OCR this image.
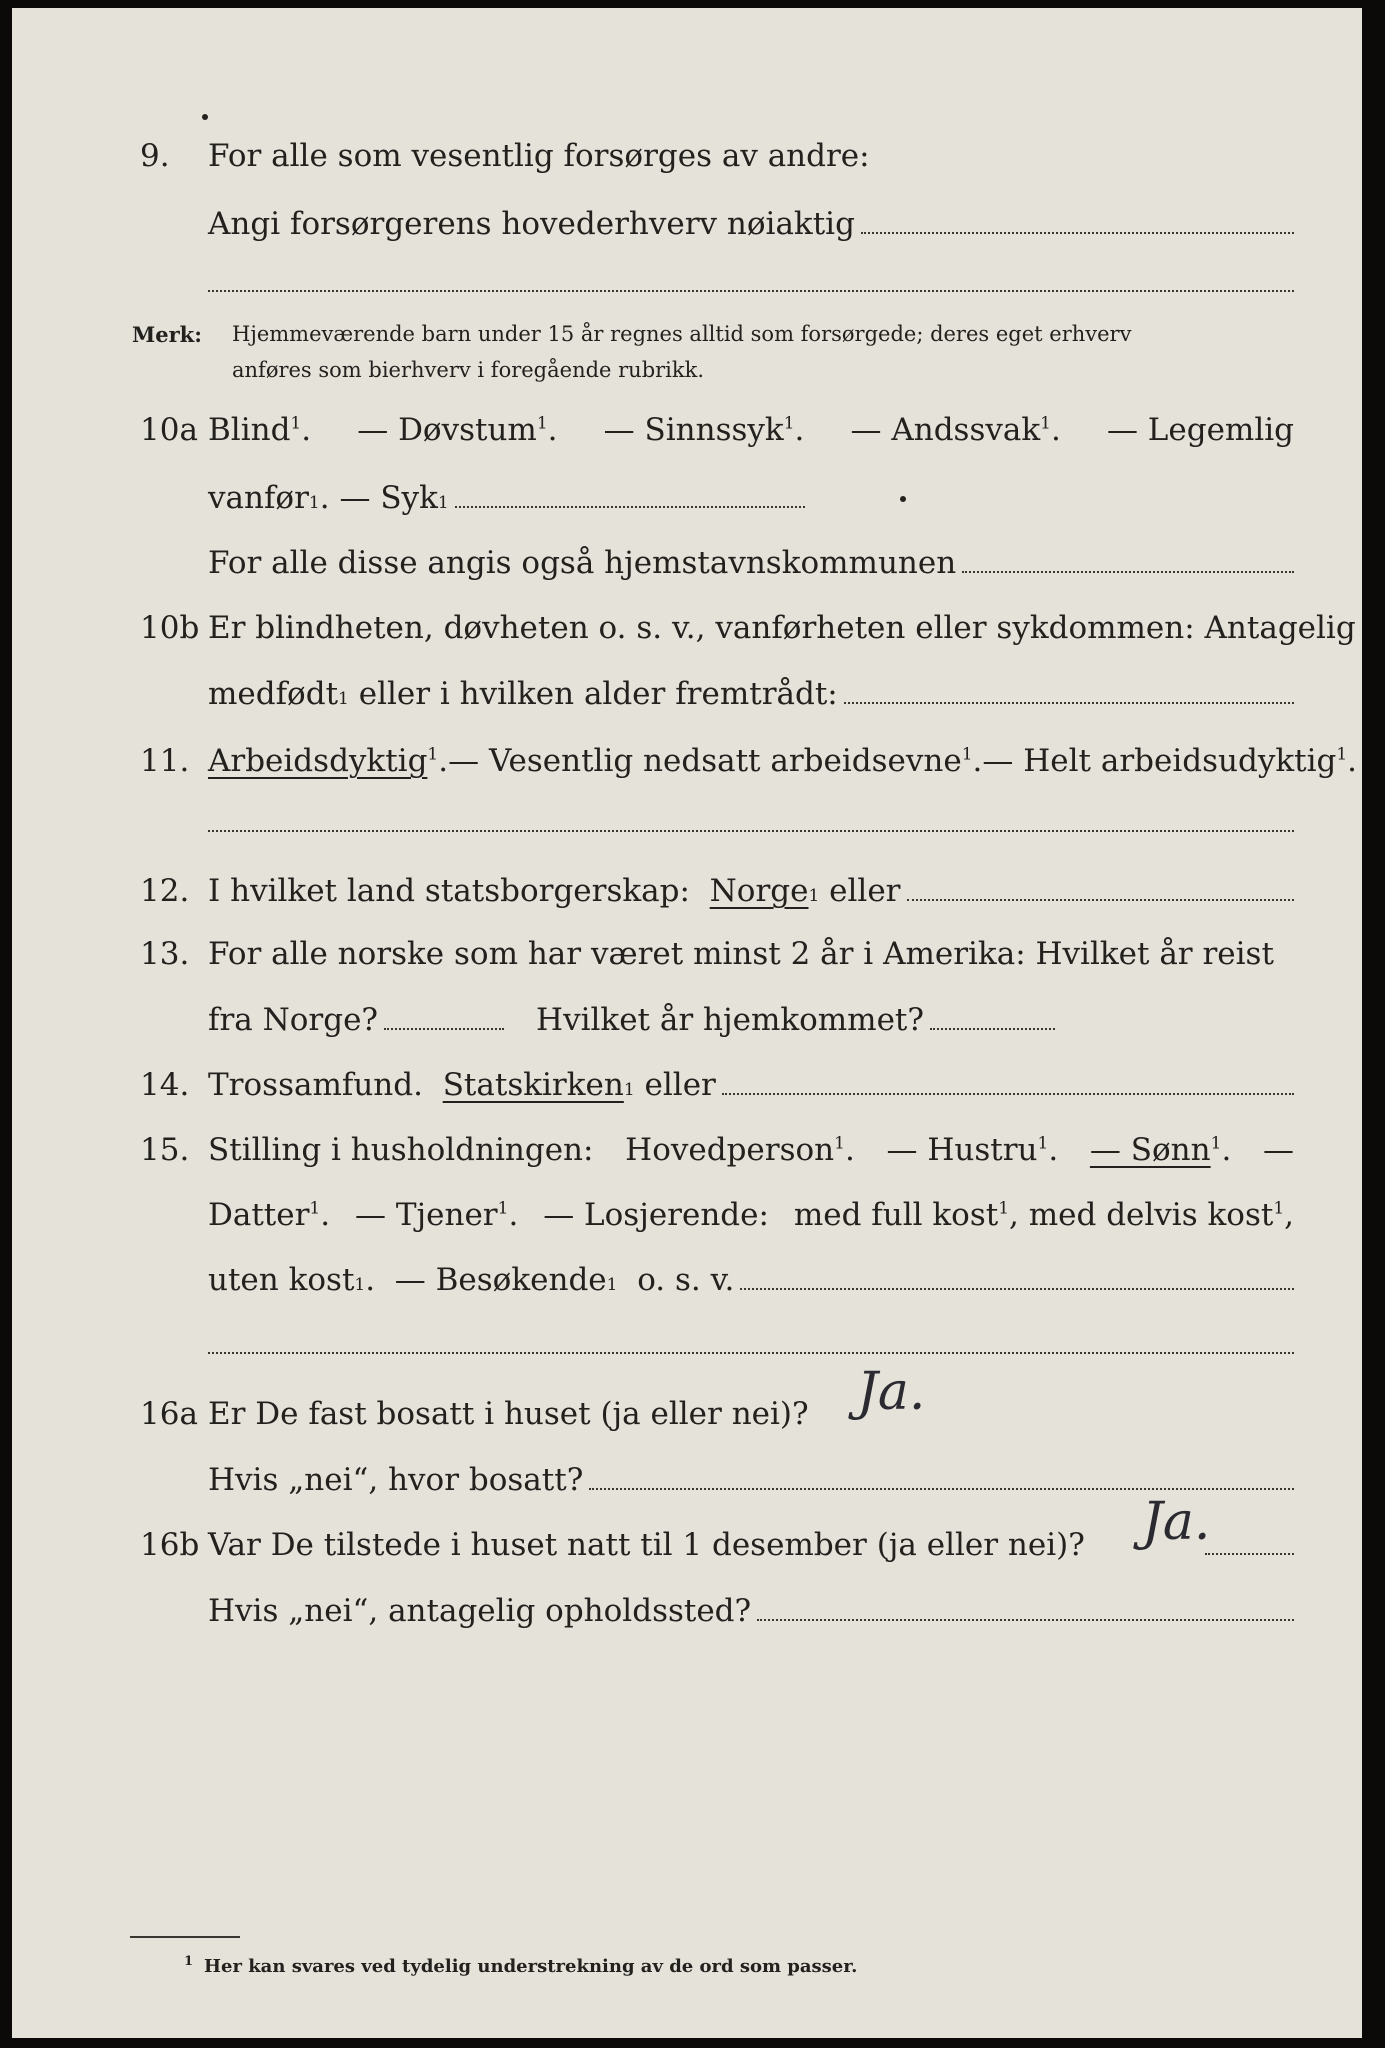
9.	For alle som vesentlig forsørges av andre:
Angi forsørgerens hovederhverv nøiaktig
Merk: Hjemmeværende barn under 15 år regnes alltid som forsørgede; deres eget erhverv
anføres som bierhverv i foregående rubrikk.
10a Blind$^1$. — Døvstum$^1$. — Sinnssyk$^1$. — Andssvak$^1$. — Legemlig
vanfør 1 . — Syk 1
For alle disse angis også hjemstavnskommunen
10b Er blindheten, døvheten o. s. v., vanførheten eller sykdommen: Antagelig
medfødt 1
eller i hvilken alder fremtrådt:
11. Arbeidsdyktig$^1$. — Vesentlig nedsatt arbeidsevne$^1$. — Helt arbeidsudyktig$^1$.
12. I hvilket land statsborgerskap:
Norge 1
eller
13. For alle norske som har været minst 2 år i Amerika: Hvilket år reist
fra Norge?	Hvilket år hjemkommet?
14. Trossamfund.
Statskirken 1
eller
15. Stilling i husholdningen: Hovedperson$^1$. — Hustru$^1$. — Sønn$^1$. —
Datter$^1$. — Tjener$^1$. — Losjerende: med full kost$^1$, med delvis kost$^1$,
uten kost 1 . — Besøkende 1
o. s. v.
16a Er De fast bosatt i huset (ja eller nei)? Ja.
Hvis „nei“, hvor bosatt?
16b Var De tilstede i huset natt til 1 desember (ja eller nei)? Ja.
Hvis „nei“, antagelig opholdssted?
1 Her kan svares ved tydelig understrekning av de ord som passer.
